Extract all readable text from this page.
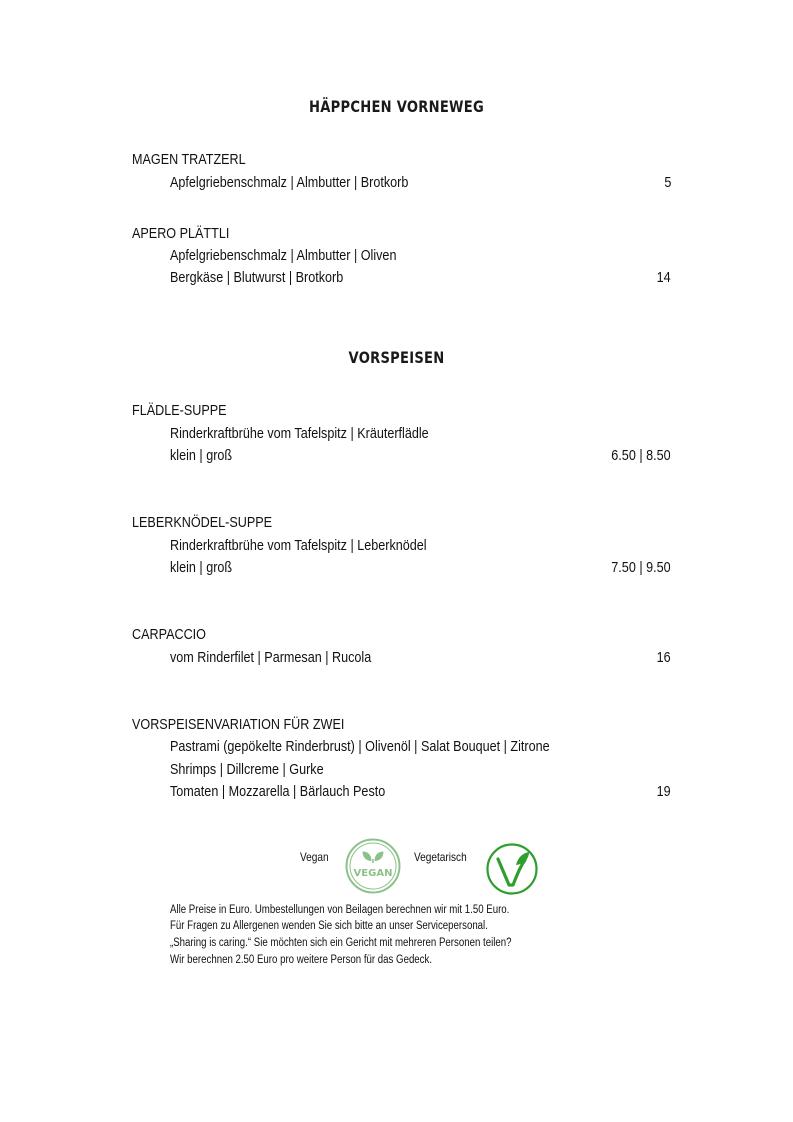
HÄPPCHEN VORNEWEG
MAGEN TRATZERL
Apfelgriebenschmalz | Almbutter | Brotkorb	5
APERO PLÄTTLI
Apfelgriebenschmalz | Almbutter | Oliven
Bergkäse | Blutwurst | Brotkorb	14
VORSPEISEN
FLÄDLE-SUPPE
Rinderkraftbrühe vom Tafelspitz | Kräuterflädle
klein | groß	6.50 | 8.50
LEBERKNÖDEL-SUPPE
Rinderkraftbrühe vom Tafelspitz | Leberknödel
klein | groß	7.50 | 9.50
CARPACCIO
vom Rinderfilet | Parmesan | Rucola	16
VORSPEISENVARIATION FÜR ZWEI
Pastrami (gepökelte Rinderbrust) | Olivenöl | Salat Bouquet | Zitrone
Shrimps | Dillcreme | Gurke
Tomaten | Mozzarella | Bärlauch Pesto	19
Vegan
VEGAN
Vegetarisch
Alle Preise in Euro. Umbestellungen von Beilagen berechnen wir mit 1.50 Euro.
Für Fragen zu Allergenen wenden Sie sich bitte an unser Servicepersonal.
„Sharing is caring.“ Sie möchten sich ein Gericht mit mehreren Personen teilen?
Wir berechnen 2.50 Euro pro weitere Person für das Gedeck.
